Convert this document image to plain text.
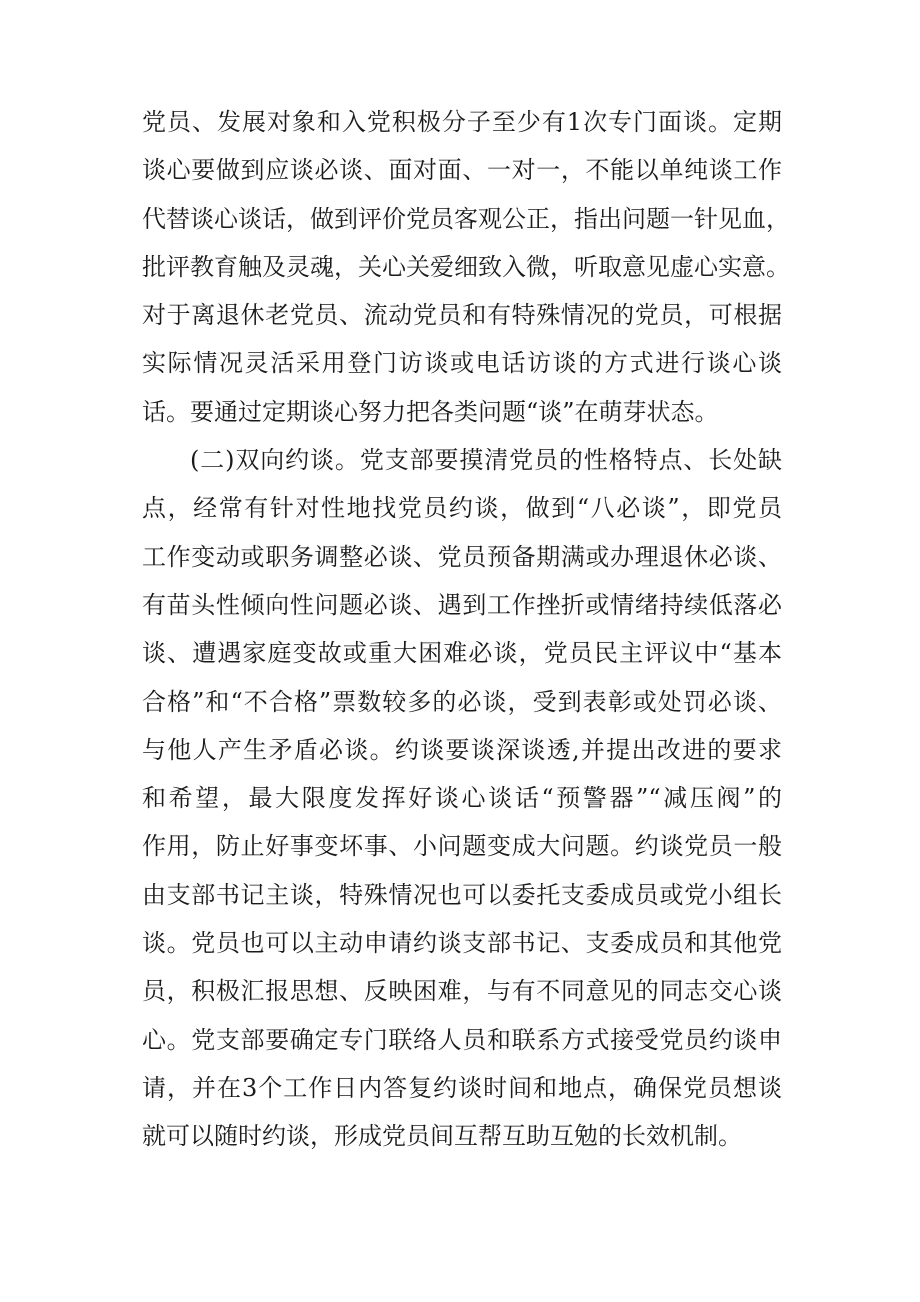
党员、发展对象和入党积极分子至少有1次专门面谈。定期
谈心要做到应谈必谈、面对面、一对一，不能以单纯谈工作
代替谈心谈话，做到评价党员客观公正，指出问题一针见血，
批评教育触及灵魂，关心关爱细致入微，听取意见虚心实意。
对于离退休老党员、流动党员和有特殊情况的党员，可根据
实际情况灵活采用登门访谈或电话访谈的方式进行谈心谈
话。要通过定期谈心努力把各类问题“谈”在萌芽状态。
(二)双向约谈。党支部要摸清党员的性格特点、长处缺
点，经常有针对性地找党员约谈，做到“八必谈”，即党员
工作变动或职务调整必谈、党员预备期满或办理退休必谈、
有苗头性倾向性问题必谈、遇到工作挫折或情绪持续低落必
谈、遭遇家庭变故或重大困难必谈，党员民主评议中“基本
合格”和“不合格”票数较多的必谈，受到表彰或处罚必谈、
与他人产生矛盾必谈。约谈要谈深谈透,并提出改进的要求
和希望，最大限度发挥好谈心谈话“预警器”“减压阀”的
作用，防止好事变坏事、小问题变成大问题。约谈党员一般
由支部书记主谈，特殊情况也可以委托支委成员或党小组长
谈。党员也可以主动申请约谈支部书记、支委成员和其他党
员，积极汇报思想、反映困难，与有不同意见的同志交心谈
心。党支部要确定专门联络人员和联系方式接受党员约谈申
请，并在3个工作日内答复约谈时间和地点，确保党员想谈
就可以随时约谈，形成党员间互帮互助互勉的长效机制。
